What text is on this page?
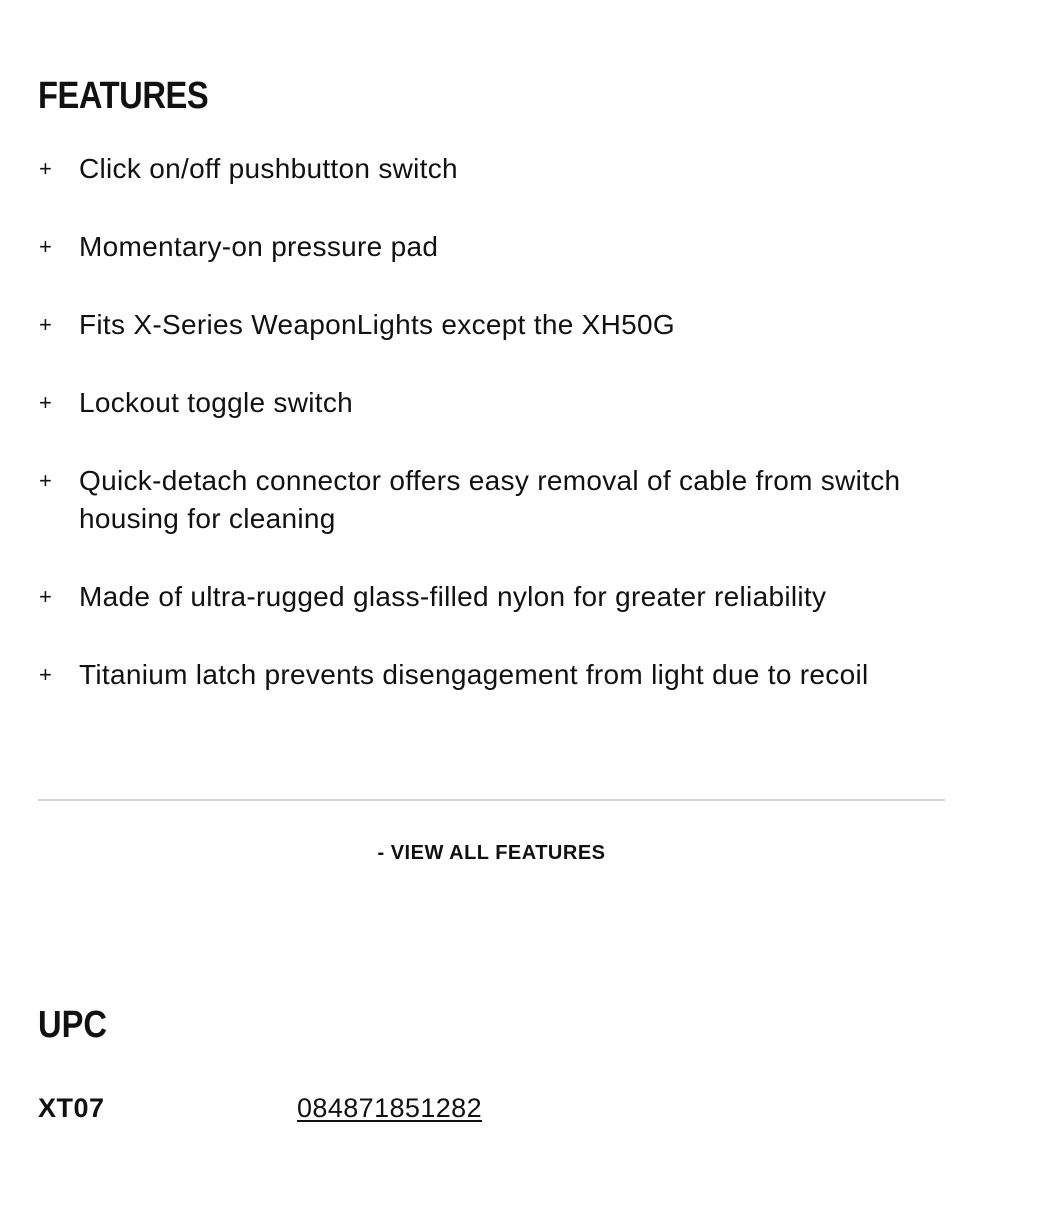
FEATURES
+ Click on/off pushbutton switch
+ Momentary-on pressure pad
+ Fits X-Series WeaponLights except the XH50G
+ Lockout toggle switch
+ Quick-detach connector offers easy removal of cable from switch housing for cleaning
+ Made of ultra-rugged glass-filled nylon for greater reliability
+ Titanium latch prevents disengagement from light due to recoil
- VIEW ALL FEATURES
UPC
XT07	084871851282
